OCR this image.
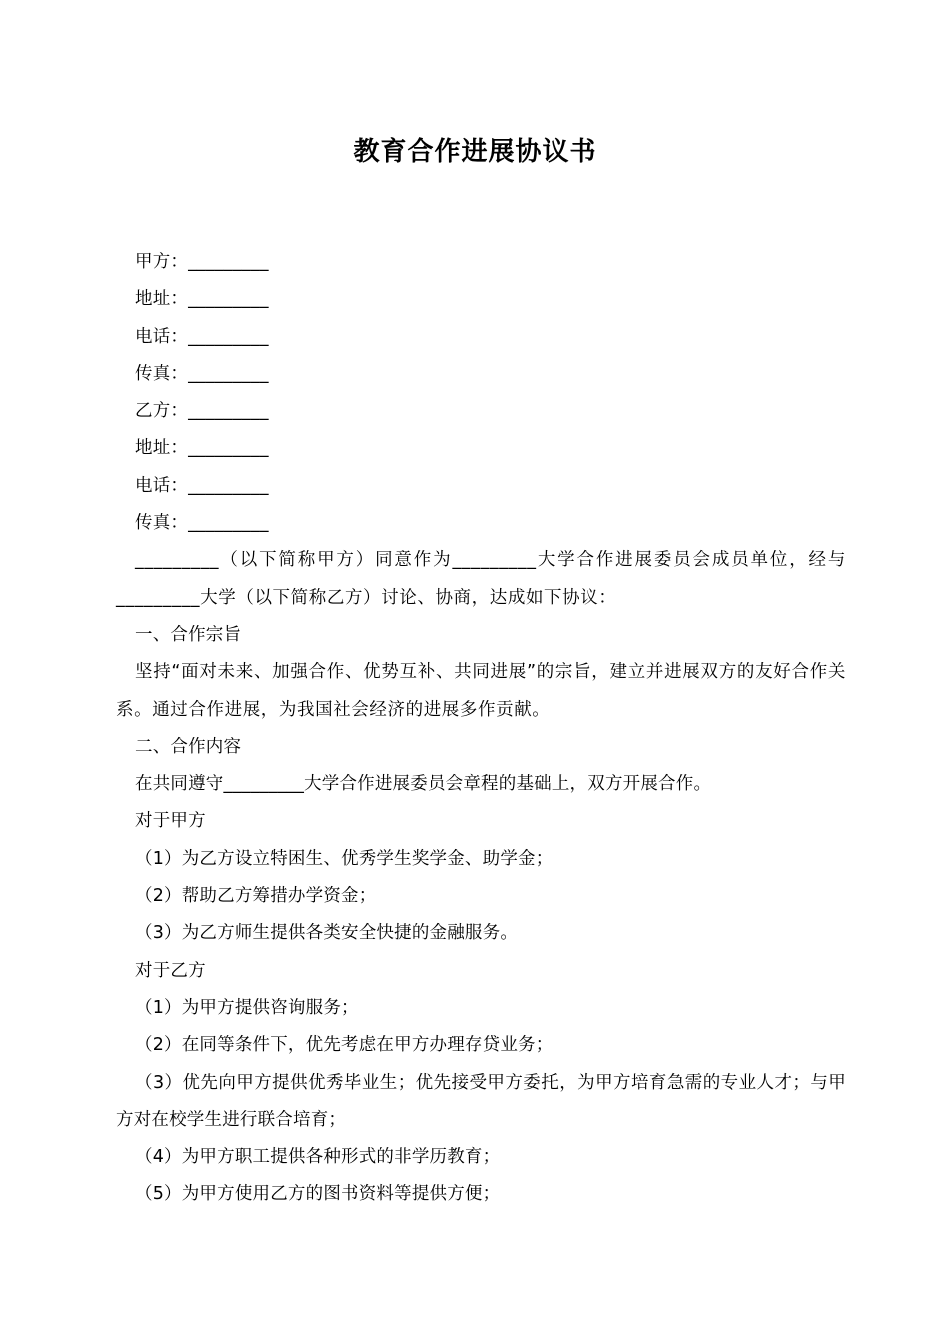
教育合作进展协议书
甲方：_________
地址：_________
电话：_________
传真：_________
乙方：_________
地址：_________
电话：_________
传真：_________
_________（以下简称甲方）同意作为_________大学合作进展委员会成员单位，经与_________大学（以下简称乙方）讨论、协商，达成如下协议：
一、合作宗旨
坚持“面对未来、加强合作、优势互补、共同进展”的宗旨，建立并进展双方的友好合作关系。通过合作进展，为我国社会经济的进展多作贡献。
二、合作内容
在共同遵守_________大学合作进展委员会章程的基础上，双方开展合作。
对于甲方
（1）为乙方设立特困生、优秀学生奖学金、助学金；
（2）帮助乙方筹措办学资金；
（3）为乙方师生提供各类安全快捷的金融服务。
对于乙方
（1）为甲方提供咨询服务；
（2）在同等条件下，优先考虑在甲方办理存贷业务；
（3）优先向甲方提供优秀毕业生；优先接受甲方委托，为甲方培育急需的专业人才；与甲方对在校学生进行联合培育；
（4）为甲方职工提供各种形式的非学历教育；
（5）为甲方使用乙方的图书资料等提供方便；
